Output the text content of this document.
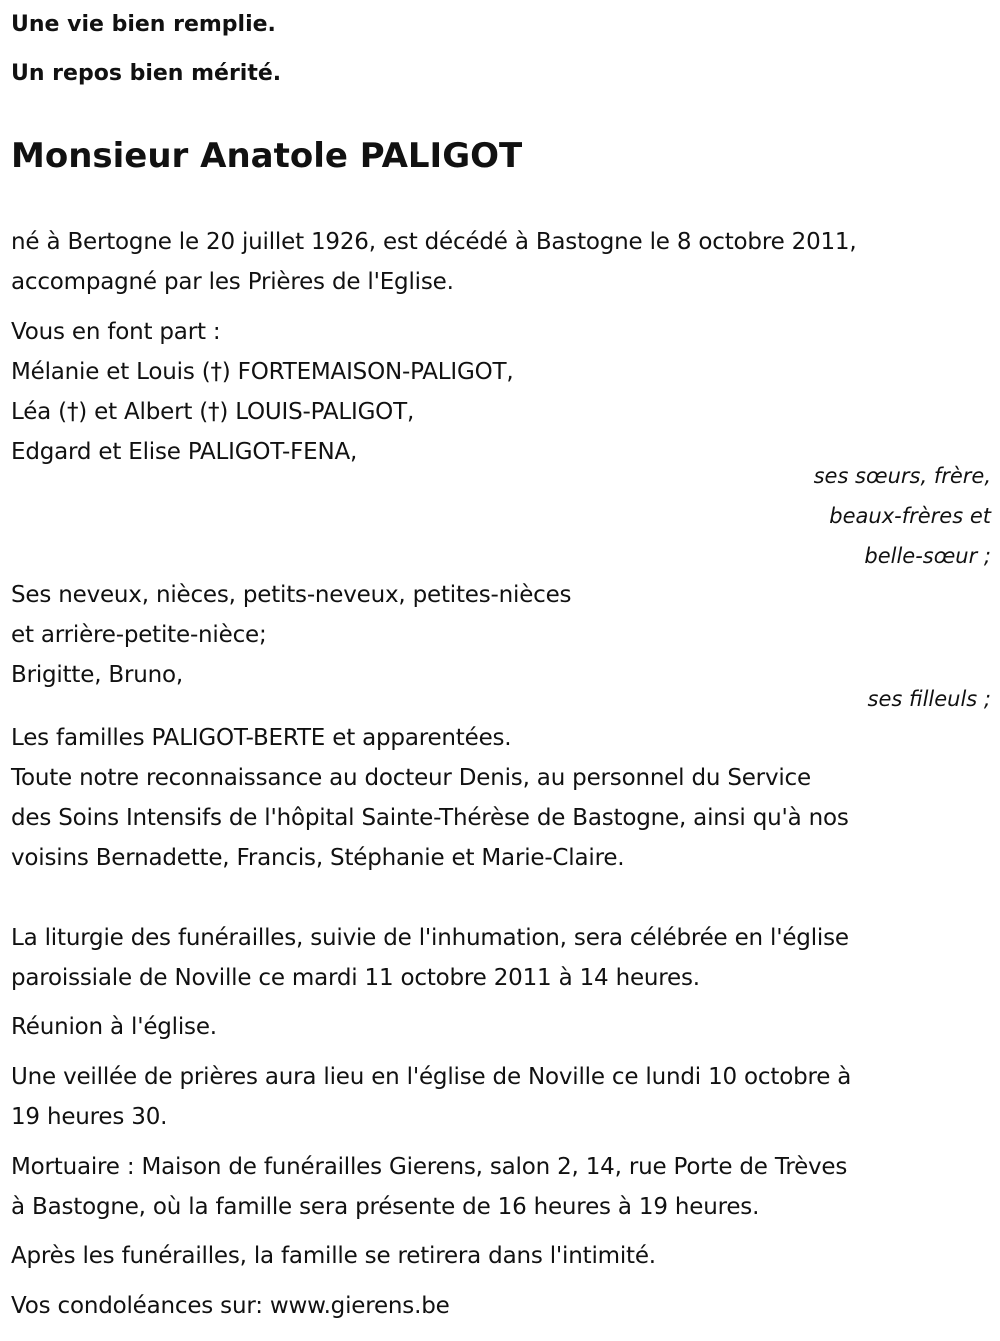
Une vie bien remplie.

Un repos bien mérité.

Monsieur Anatole PALIGOT
né à Bertogne le 20 juillet 1926, est décédé à Bastogne le 8 octobre 2011,
accompagné par les Prières de l'Eglise.
Vous en font part :
Mélanie et Louis (†) FORTEMAISON-PALIGOT,
Léa (†) et Albert (†) LOUIS-PALIGOT,
Edgard et Elise PALIGOT-FENA,
ses sœurs, frère,
beaux-frères et
belle-sœur ;
Ses neveux, nièces, petits-neveux, petites-nièces
et arrière-petite-nièce;
Brigitte, Bruno,
ses filleuls ;
Les familles PALIGOT-BERTE et apparentées.
Toute notre reconnaissance au docteur Denis, au personnel du Service
des Soins Intensifs de l'hôpital Sainte-Thérèse de Bastogne, ainsi qu'à nos
voisins Bernadette, Francis, Stéphanie et Marie-Claire.
La liturgie des funérailles, suivie de l'inhumation, sera célébrée en l'église
paroissiale de Noville ce mardi 11 octobre 2011 à 14 heures.
Réunion à l'église.
Une veillée de prières aura lieu en l'église de Noville ce lundi 10 octobre à
19 heures 30.
Mortuaire : Maison de funérailles Gierens, salon 2, 14, rue Porte de Trèves
à Bastogne, où la famille sera présente de 16 heures à 19 heures.
Après les funérailles, la famille se retirera dans l'intimité.
Vos condoléances sur: www.gierens.be
